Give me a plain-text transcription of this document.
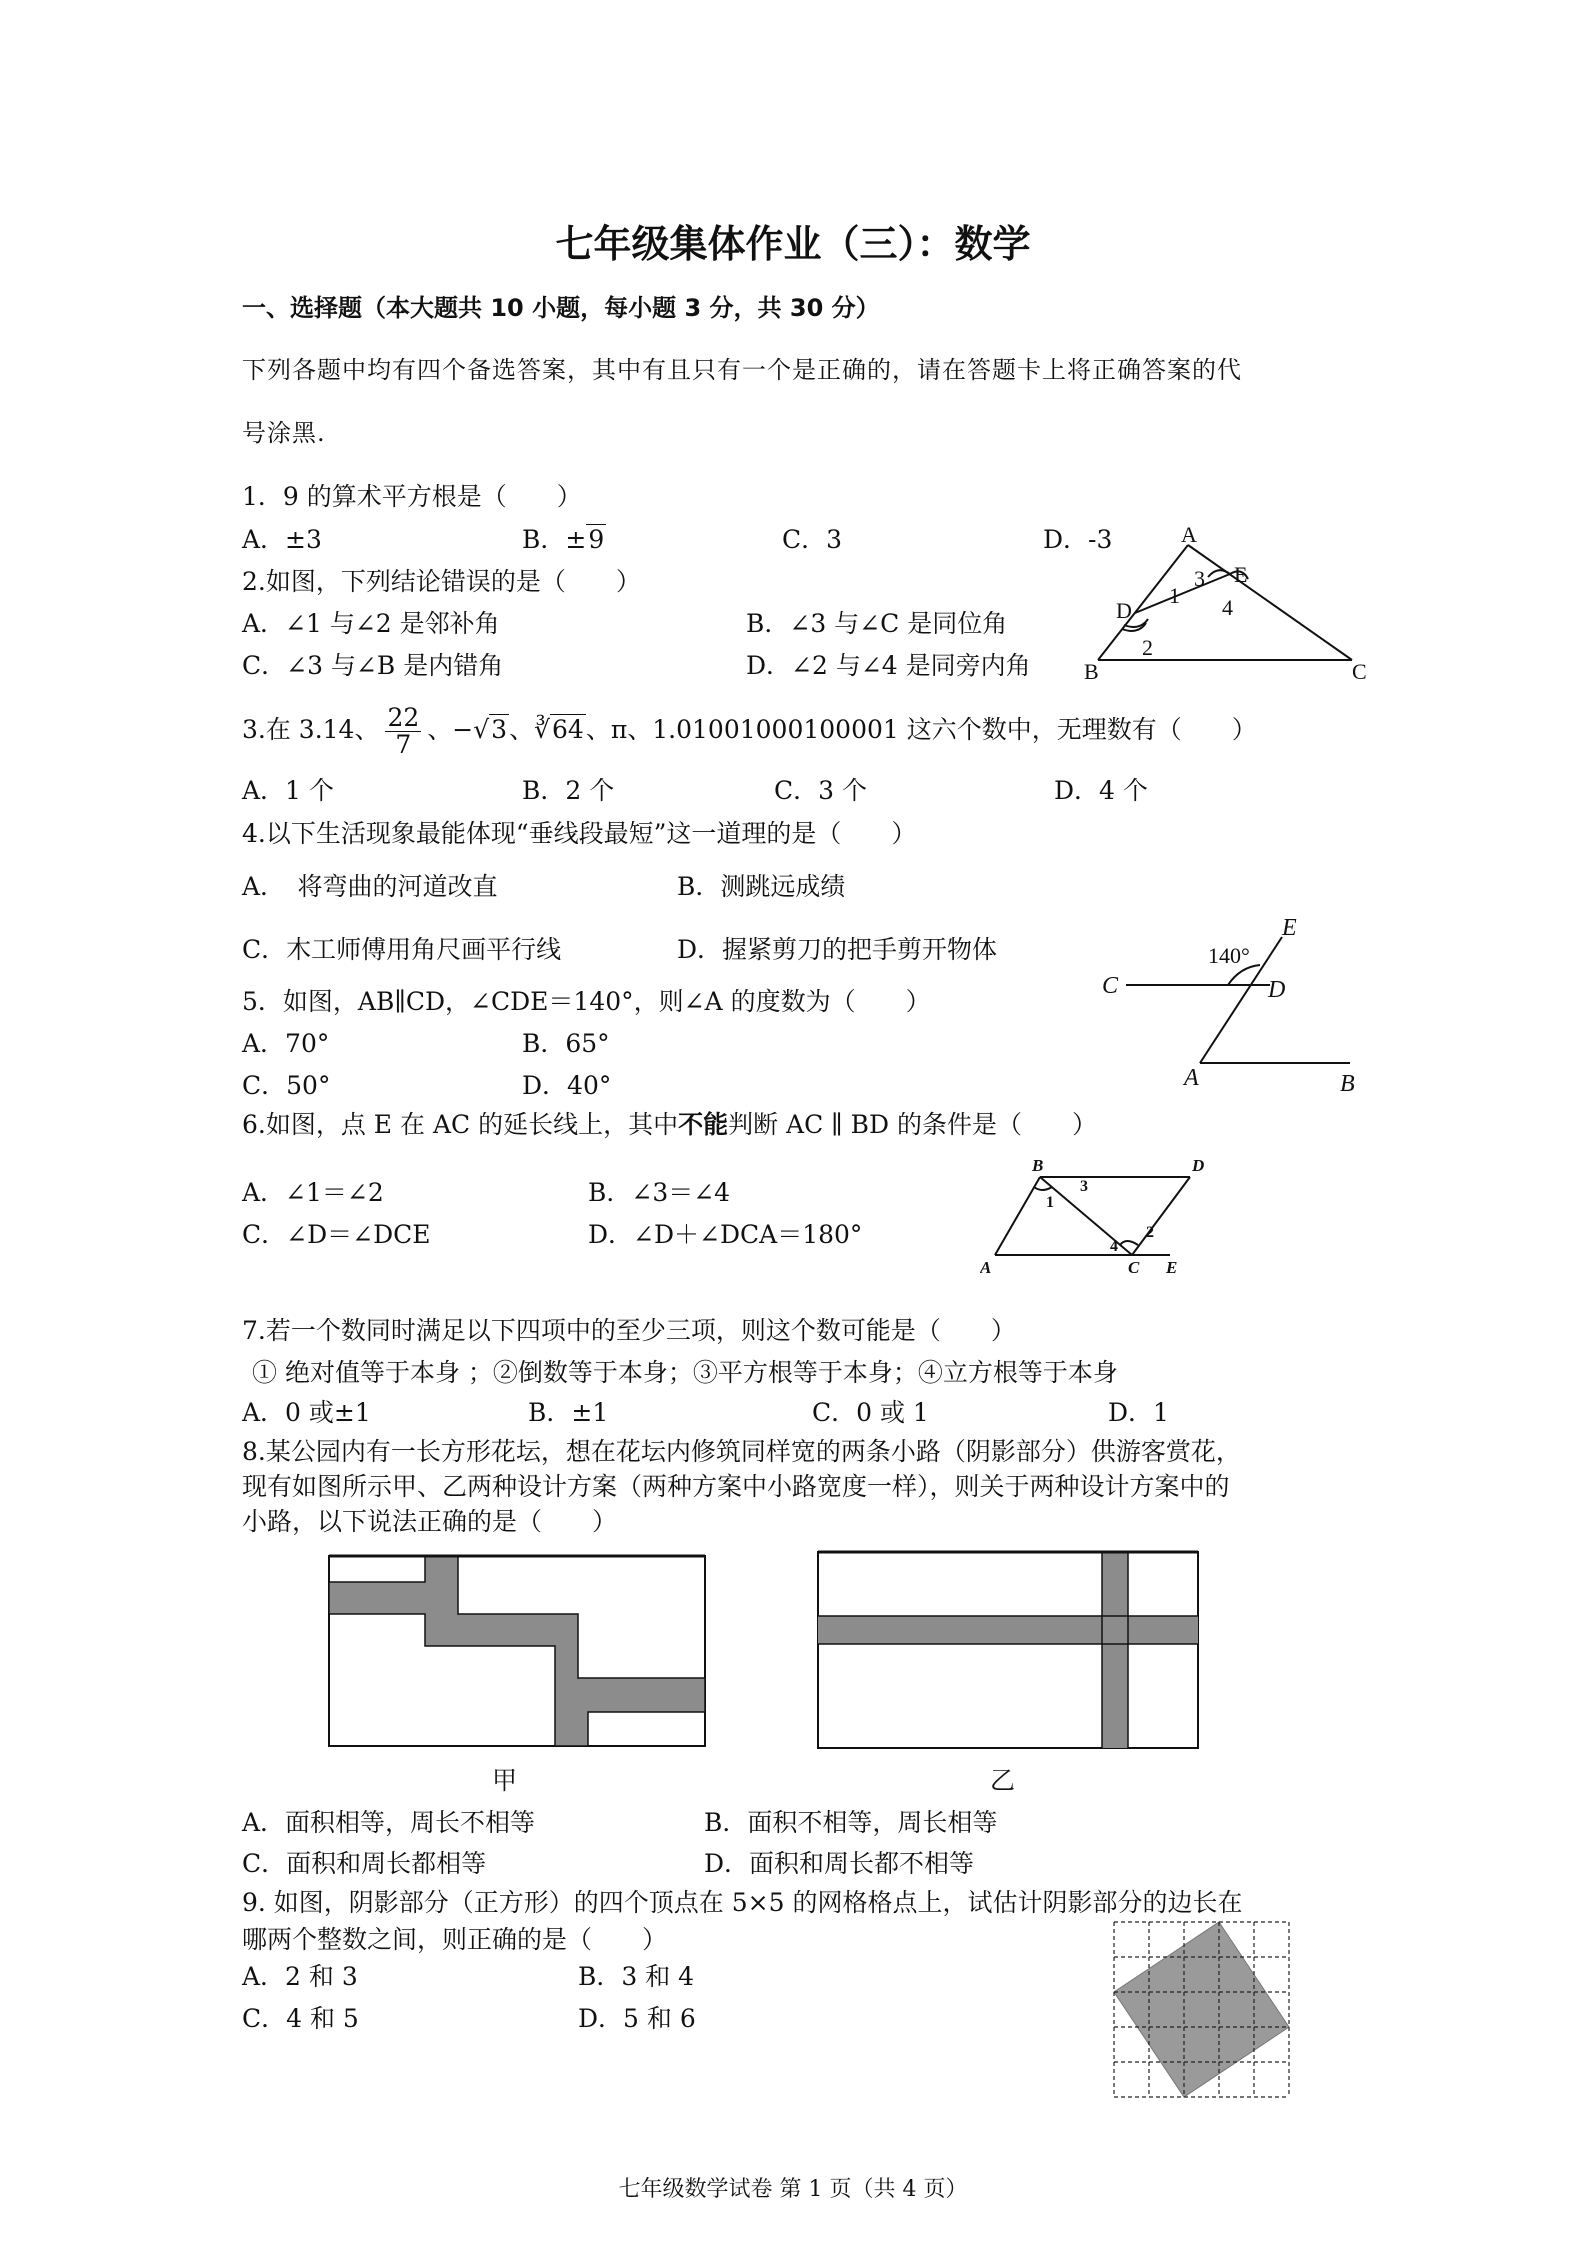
七年级集体作业（三）：数学
一、选择题（本大题共 10 小题，每小题 3 分，共 30 分）
下列各题中均有四个备选答案，其中有且只有一个是正确的，请在答题卡上将正确答案的代
号涂黑.
1．9 的算术平方根是（　　）
A．±3	B．±9	C．3	D．-3
2.如图，下列结论错误的是（　　）
A．∠1 与∠2 是邻补角	B．∠3 与∠C 是同位角
C．∠3 与∠B 是内错角	D．∠2 与∠4 是同旁内角
A
B	C
D
E
1
2
3
4
3.在 3.14、 $\frac{22}{7}$ 、−√3、∛64、π、1.01001000100001 这六个数中，无理数有（　　）
A．1 个	B．2 个	C．3 个	D．4 个
4.以下生活现象最能体现“垂线段最短”这一道理的是（　　）
A．　将弯曲的河道改直	B．测跳远成绩
C．木工师傅用角尺画平行线	D．握紧剪刀的把手剪开物体
5．如图，AB∥CD，∠CDE＝140°，则∠A 的度数为（　　）
A．70°	B．65°
C．50°	D．40°
E
C	D
A	B
140°
6.如图，点 E 在 AC 的延长线上，其中不能判断 AC ∥ BD 的条件是（　　）
A．∠1＝∠2	B．∠3＝∠4
C．∠D＝∠DCE	D．∠D＋∠DCA＝180°
B	D
A	C E
1
2
3
4
7.若一个数同时满足以下四项中的至少三项，则这个数可能是（　　）
① 绝对值等于本身 ；②倒数等于本身；③平方根等于本身；④立方根等于本身
A．0 或±1	B．±1	C．0 或 1	D．1
8.某公园内有一长方形花坛，想在花坛内修筑同样宽的两条小路（阴影部分）供游客赏花，
现有如图所示甲、乙两种设计方案（两种方案中小路宽度一样），则关于两种设计方案中的
小路，以下说法正确的是（　　）
甲	乙
A．面积相等，周长不相等	B．面积不相等，周长相等
C．面积和周长都相等	D．面积和周长都不相等
9. 如图，阴影部分（正方形）的四个顶点在 5×5 的网格格点上，试估计阴影部分的边长在
哪两个整数之间，则正确的是（　　）
A．2 和 3	B．3 和 4
C．4 和 5	D．5 和 6
七年级数学试卷 第 1 页（共 4 页）
